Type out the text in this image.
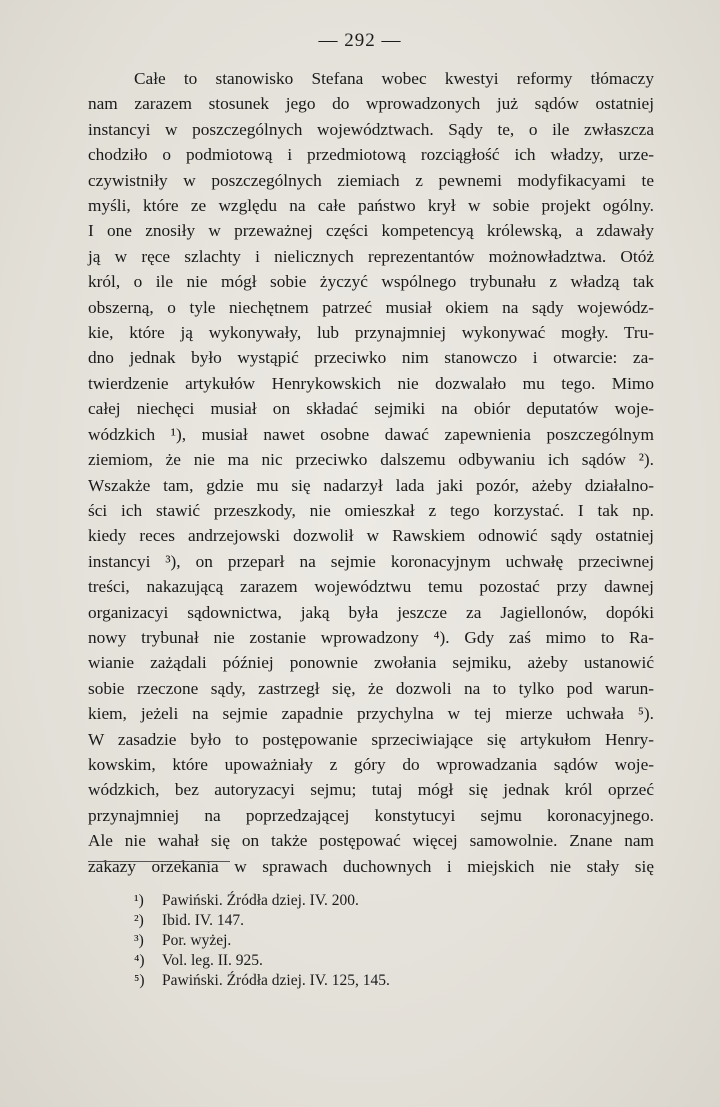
— 292 —
Całe to stanowisko Stefana wobec kwestyi reformy tłómaczy
nam zarazem stosunek jego do wprowadzonych już sądów ostatniej
instancyi w poszczególnych województwach. Sądy te, o ile zwłaszcza
chodziło o podmiotową i przedmiotową rozciągłość ich władzy, urze-
czywistniły w poszczególnych ziemiach z pewnemi modyfikacyami te
myśli, które ze względu na całe państwo krył w sobie projekt ogólny.
I one znosiły w przeważnej części kompetencyą królewską, a zdawały
ją w ręce szlachty i nielicznych reprezentantów możnowładztwa. Otóż
król, o ile nie mógł sobie życzyć wspólnego trybunału z władzą tak
obszerną, o tyle niechętnem patrzeć musiał okiem na sądy wojewódz-
kie, które ją wykonywały, lub przynajmniej wykonywać mogły. Tru-
dno jednak było wystąpić przeciwko nim stanowczo i otwarcie: za-
twierdzenie artykułów Henrykowskich nie dozwalało mu tego. Mimo
całej niechęci musiał on składać sejmiki na obiór deputatów woje-
wódzkich ¹), musiał nawet osobne dawać zapewnienia poszczególnym
ziemiom, że nie ma nic przeciwko dalszemu odbywaniu ich sądów ²).
Wszakże tam, gdzie mu się nadarzył lada jaki pozór, ażeby działalno-
ści ich stawić przeszkody, nie omieszkał z tego korzystać. I tak np.
kiedy reces andrzejowski dozwolił w Rawskiem odnowić sądy ostatniej
instancyi ³), on przeparł na sejmie koronacyjnym uchwałę przeciwnej
treści, nakazującą zarazem województwu temu pozostać przy dawnej
organizacyi sądownictwa, jaką była jeszcze za Jagiellonów, dopóki
nowy trybunał nie zostanie wprowadzony ⁴). Gdy zaś mimo to Ra-
wianie zażądali później ponownie zwołania sejmiku, ażeby ustanowić
sobie rzeczone sądy, zastrzegł się, że dozwoli na to tylko pod warun-
kiem, jeżeli na sejmie zapadnie przychylna w tej mierze uchwała ⁵).
W zasadzie było to postępowanie sprzeciwiające się artykułom Henry-
kowskim, które upoważniały z góry do wprowadzania sądów woje-
wódzkich, bez autoryzacyi sejmu; tutaj mógł się jednak król oprzeć
przynajmniej na poprzedzającej konstytucyi sejmu koronacyjnego.
Ale nie wahał się on także postępować więcej samowolnie. Znane nam
zakazy orzekania w sprawach duchownych i miejskich nie stały się
¹) Pawiński. Źródła dziej. IV. 200.
²) Ibid. IV. 147.
³) Por. wyżej.
⁴) Vol. leg. II. 925.
⁵) Pawiński. Źródła dziej. IV. 125, 145.
